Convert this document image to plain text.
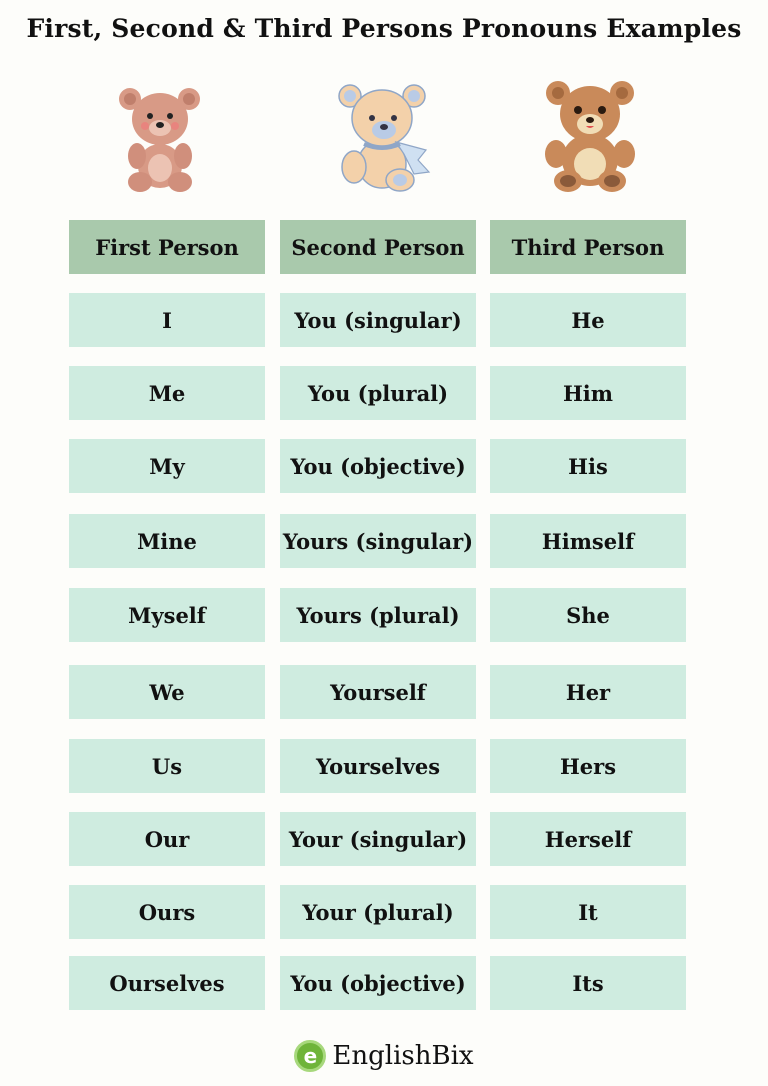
First, Second & Third Persons Pronouns Examples
First Person	Second Person	Third Person
I
Me
My
Mine
Myself
We
Us
Our
Ours
Ourselves
You (singular)
You (plural)
You (objective)
Yours (singular)
Yours (plural)
Yourself
Yourselves
Your (singular)
Your (plural)
You (objective)
He
Him
His
Himself
She
Her
Hers
Herself
It
Its
e EnglishBix
